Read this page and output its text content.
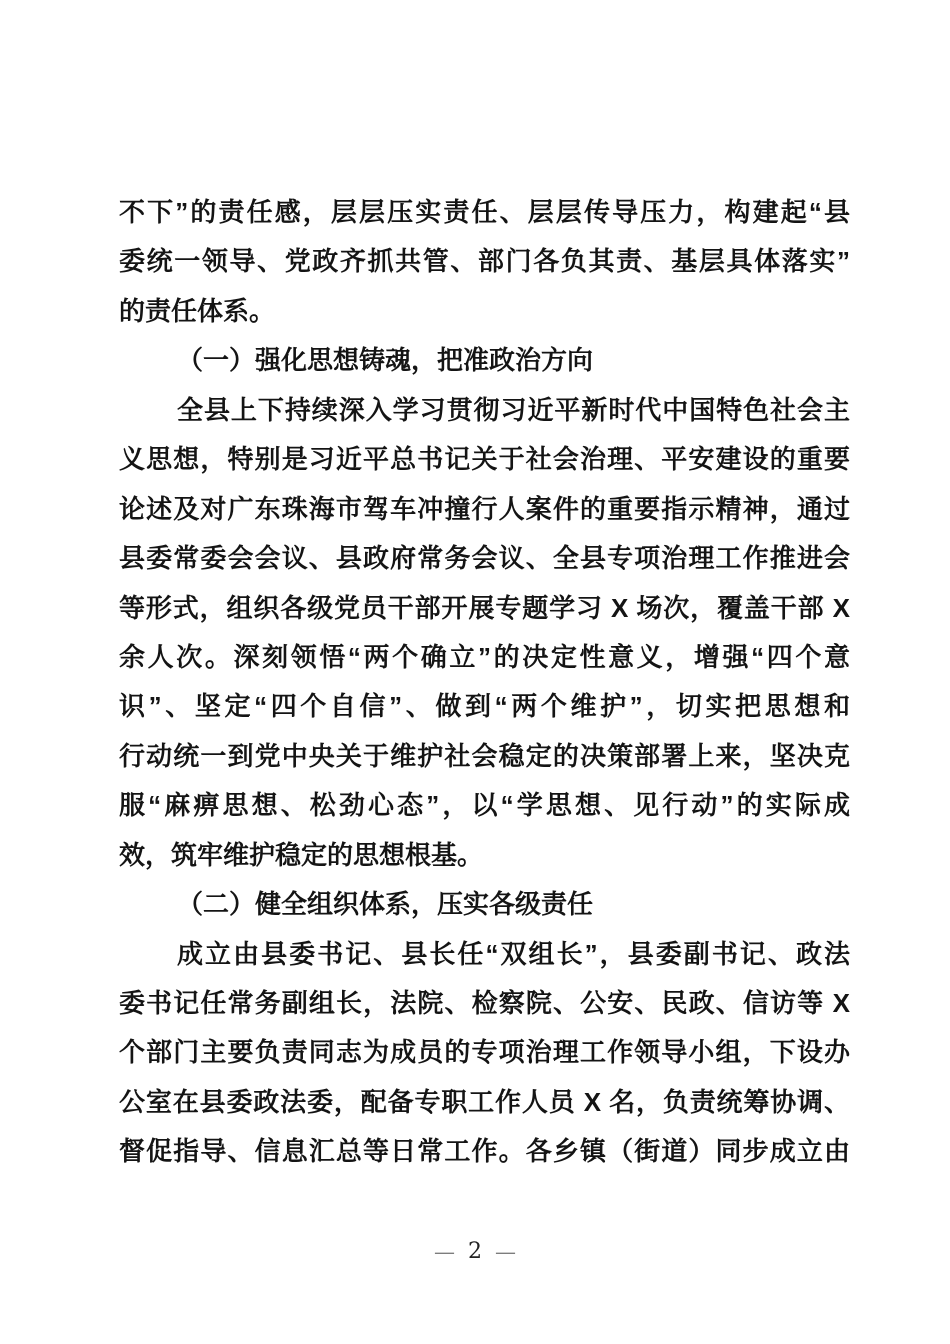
不下”的责任感，层层压实责任、层层传导压力，构建起“县
委统一领导、党政齐抓共管、部门各负其责、基层具体落实”
的责任体系。
（一）强化思想铸魂，把准政治方向
全县上下持续深入学习贯彻习近平新时代中国特色社会主
义思想，特别是习近平总书记关于社会治理、平安建设的重要
论述及对广东珠海市驾车冲撞行人案件的重要指示精神，通过
县委常委会会议、县政府常务会议、全县专项治理工作推进会
等形式，组织各级党员干部开展专题学习 X 场次，覆盖干部 X
余人次。深刻领悟“两个确立”的决定性意义，增强“四个意
识”、坚定“四个自信”、做到“两个维护”，切实把思想和
行动统一到党中央关于维护社会稳定的决策部署上来，坚决克
服“麻痹思想、松劲心态”，以“学思想、见行动”的实际成
效，筑牢维护稳定的思想根基。
（二）健全组织体系，压实各级责任
成立由县委书记、县长任“双组长”，县委副书记、政法
委书记任常务副组长，法院、检察院、公安、民政、信访等 X
个部门主要负责同志为成员的专项治理工作领导小组，下设办
公室在县委政法委，配备专职工作人员 X 名，负责统筹协调、
督促指导、信息汇总等日常工作。各乡镇（街道）同步成立由
— 2 —
